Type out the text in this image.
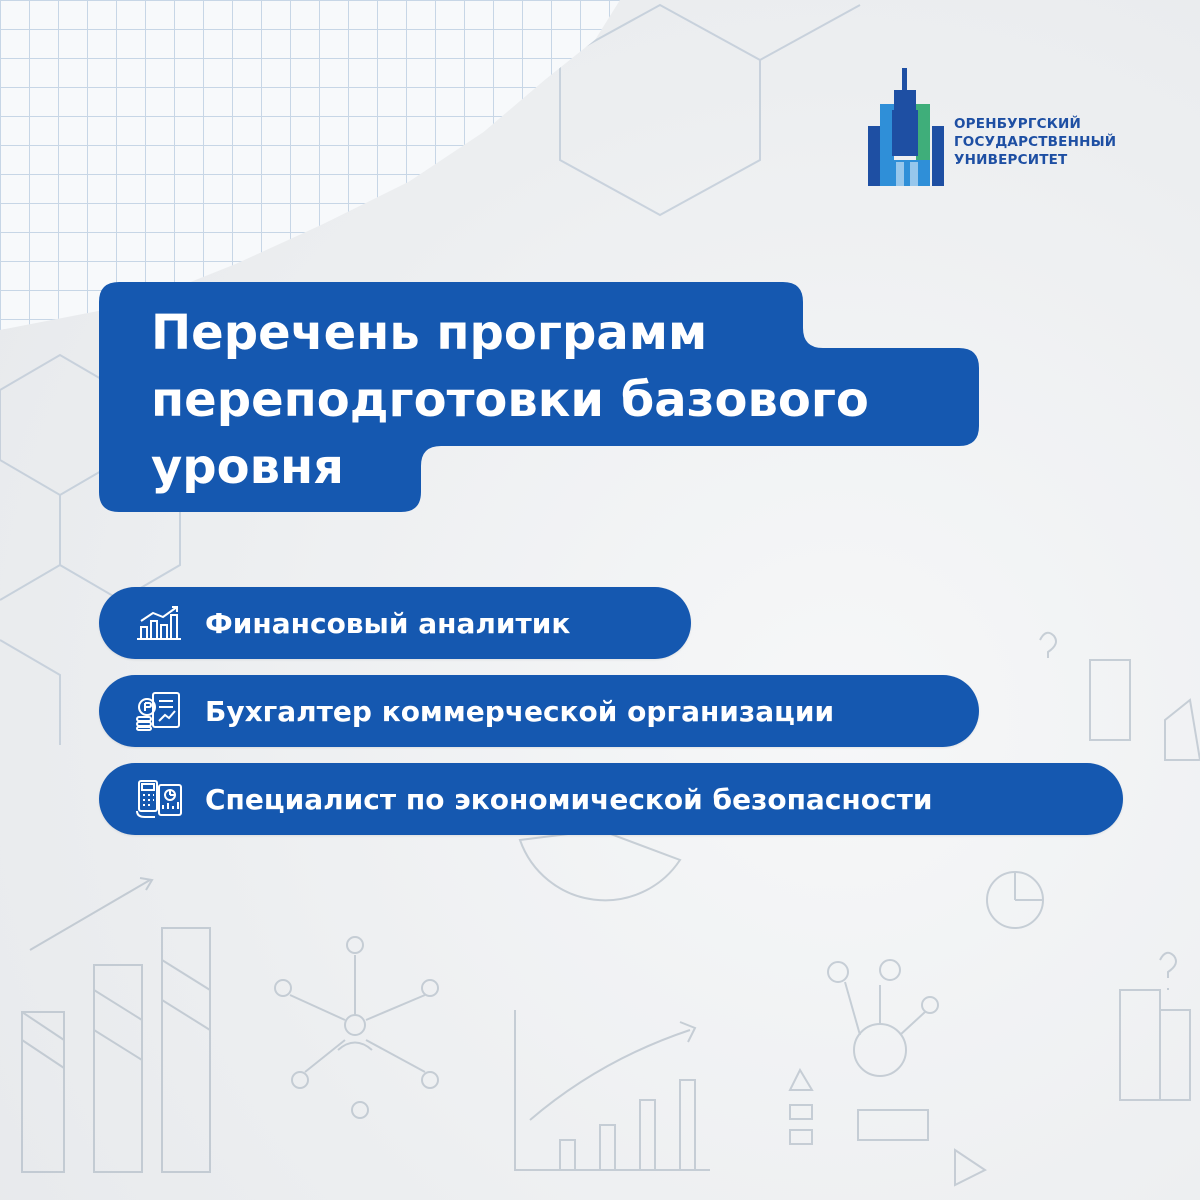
ОРЕНБУРГСКИЙ
ГОСУДАРСТВЕННЫЙ
УНИВЕРСИТЕТ
Перечень программ
переподготовки базового
уровня
Финансовый аналитик
Бухгалтер коммерческой организации
Специалист по экономической безопасности
